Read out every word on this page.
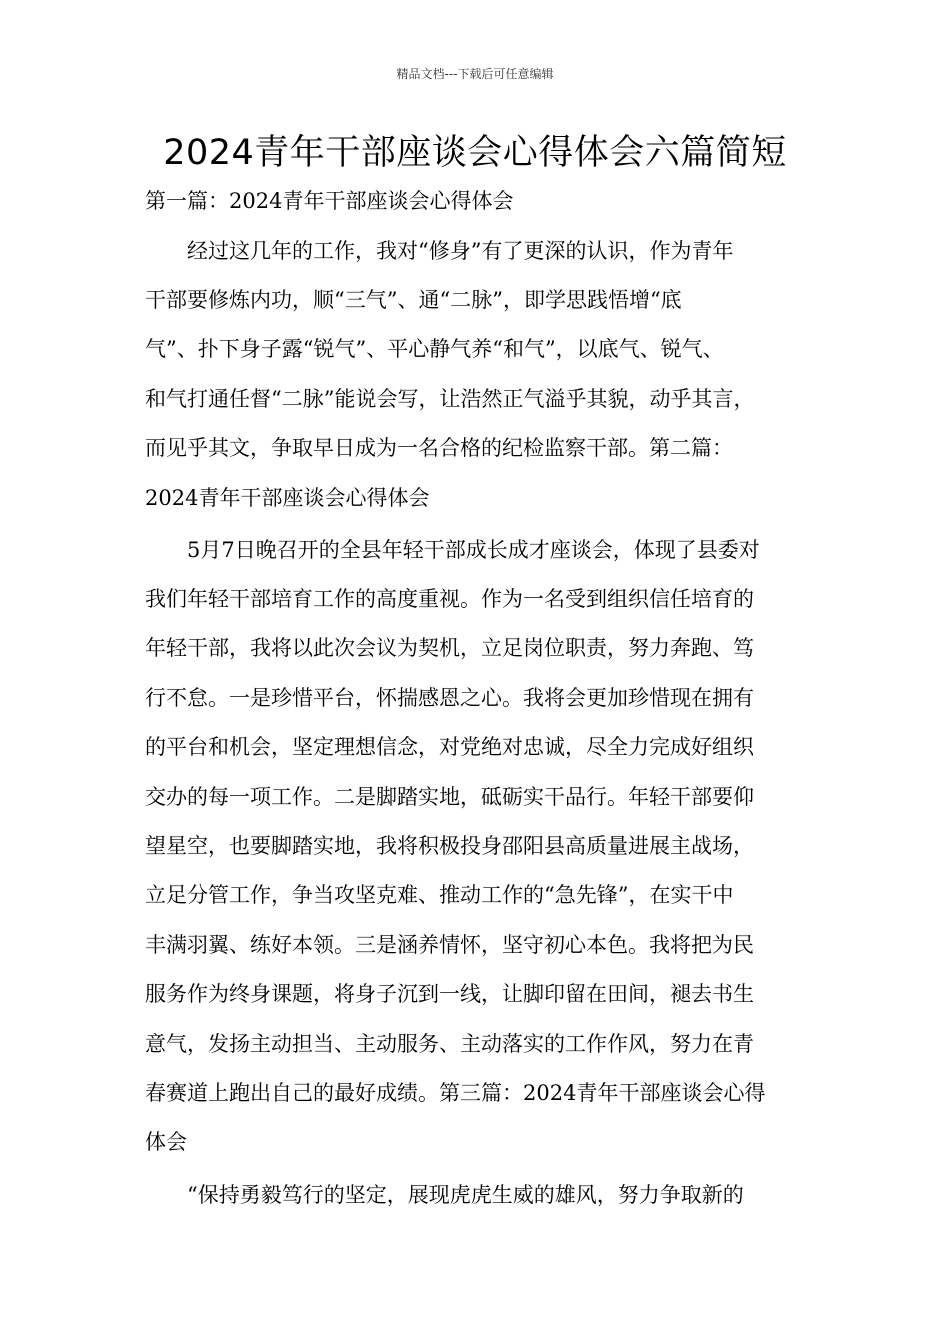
精品文档---下载后可任意编辑
2024青年干部座谈会心得体会六篇简短
第一篇：2024青年干部座谈会心得体会
　　经过这几年的工作，我对“修身”有了更深的认识，作为青年
干部要修炼内功，顺“三气”、通“二脉”，即学思践悟增“底
气”、扑下身子露“锐气”、平心静气养“和气”，以底气、锐气、
和气打通任督“二脉”能说会写，让浩然正气溢乎其貌，动乎其言，
而见乎其文，争取早日成为一名合格的纪检监察干部。第二篇：
2024青年干部座谈会心得体会
　　5月7日晚召开的全县年轻干部成长成才座谈会，体现了县委对
我们年轻干部培育工作的高度重视。作为一名受到组织信任培育的
年轻干部，我将以此次会议为契机，立足岗位职责，努力奔跑、笃
行不怠。一是珍惜平台，怀揣感恩之心。我将会更加珍惜现在拥有
的平台和机会，坚定理想信念，对党绝对忠诚，尽全力完成好组织
交办的每一项工作。二是脚踏实地，砥砺实干品行。年轻干部要仰
望星空，也要脚踏实地，我将积极投身邵阳县高质量进展主战场，
立足分管工作，争当攻坚克难、推动工作的“急先锋”，在实干中
丰满羽翼、练好本领。三是涵养情怀，坚守初心本色。我将把为民
服务作为终身课题，将身子沉到一线，让脚印留在田间，褪去书生
意气，发扬主动担当、主动服务、主动落实的工作作风，努力在青
春赛道上跑出自己的最好成绩。第三篇：2024青年干部座谈会心得
体会
　　“保持勇毅笃行的坚定，展现虎虎生威的雄风，努力争取新的
